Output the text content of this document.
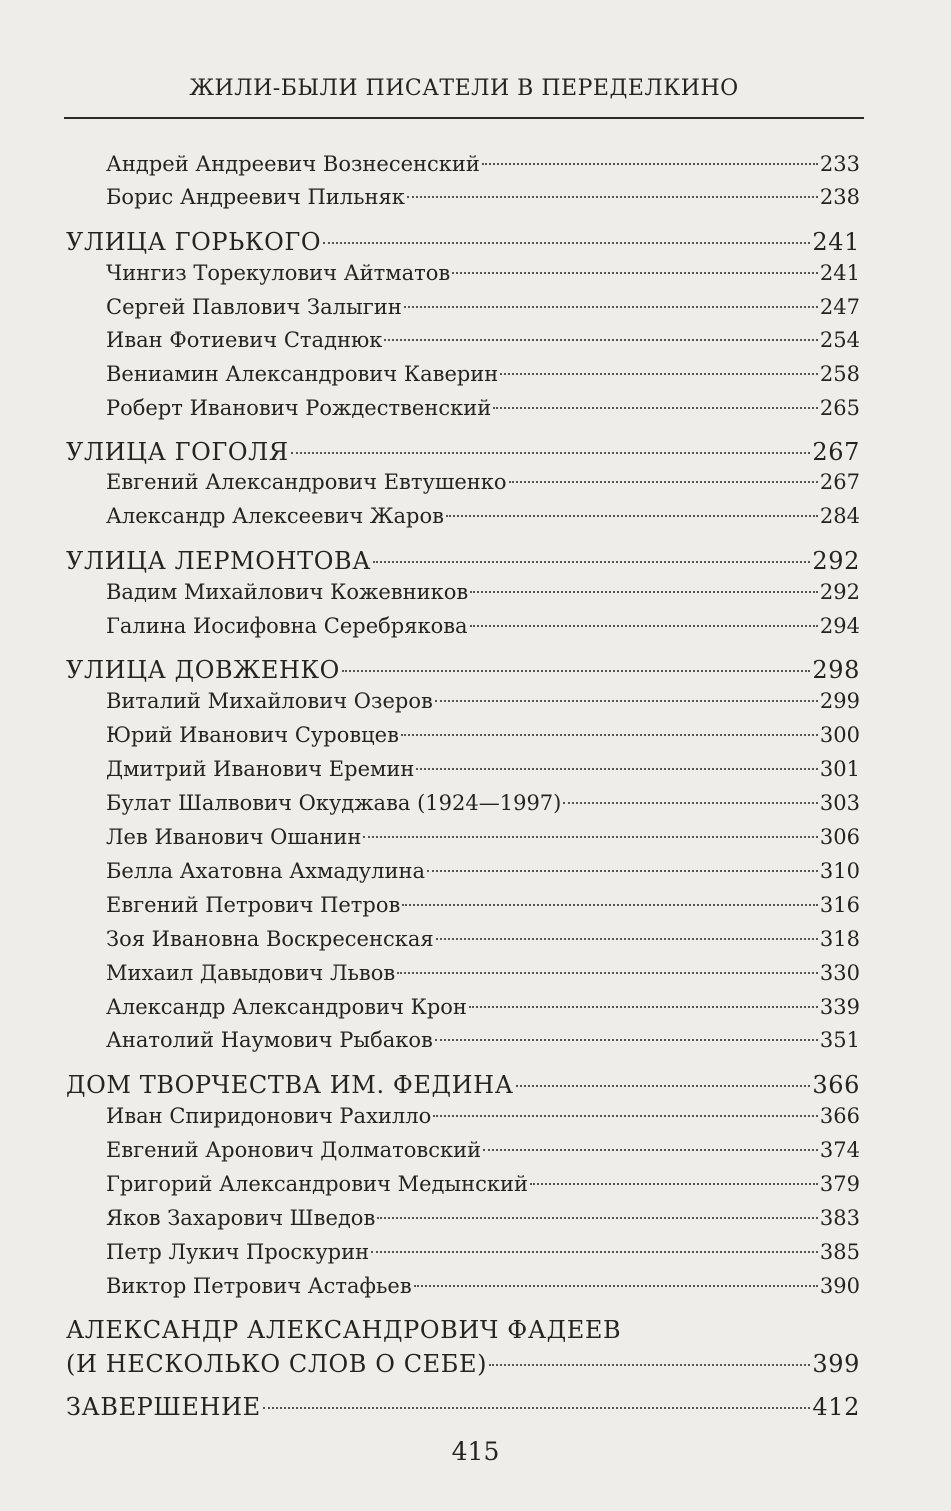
ЖИЛИ-БЫЛИ ПИСАТЕЛИ В ПЕРЕДЕЛКИНО
Андрей Андреевич Вознесенский	233
Борис Андреевич Пильняк	238
УЛИЦА ГОРЬКОГО	241
Чингиз Торекулович Айтматов	241
Сергей Павлович Залыгин	247
Иван Фотиевич Стаднюк	254
Вениамин Александрович Каверин	258
Роберт Иванович Рождественский	265
УЛИЦА ГОГОЛЯ	267
Евгений Александрович Евтушенко	267
Александр Алексеевич Жаров	284
УЛИЦА ЛЕРМОНТОВА	292
Вадим Михайлович Кожевников	292
Галина Иосифовна Серебрякова	294
УЛИЦА ДОВЖЕНКО	298
Виталий Михайлович Озеров	299
Юрий Иванович Суровцев	300
Дмитрий Иванович Еремин	301
Булат Шалвович Окуджава (1924—1997)	303
Лев Иванович Ошанин	306
Белла Ахатовна Ахмадулина	310
Евгений Петрович Петров	316
Зоя Ивановна Воскресенская	318
Михаил Давыдович Львов	330
Александр Александрович Крон	339
Анатолий Наумович Рыбаков	351
ДОМ ТВОРЧЕСТВА ИМ. ФЕДИНА	366
Иван Спиридонович Рахилло	366
Евгений Аронович Долматовский	374
Григорий Александрович Медынский	379
Яков Захарович Шведов	383
Петр Лукич Проскурин	385
Виктор Петрович Астафьев	390
АЛЕКСАНДР АЛЕКСАНДРОВИЧ ФАДЕЕВ
(И НЕСКОЛЬКО СЛОВ О СЕБЕ)	399
ЗАВЕРШЕНИЕ	412
415
